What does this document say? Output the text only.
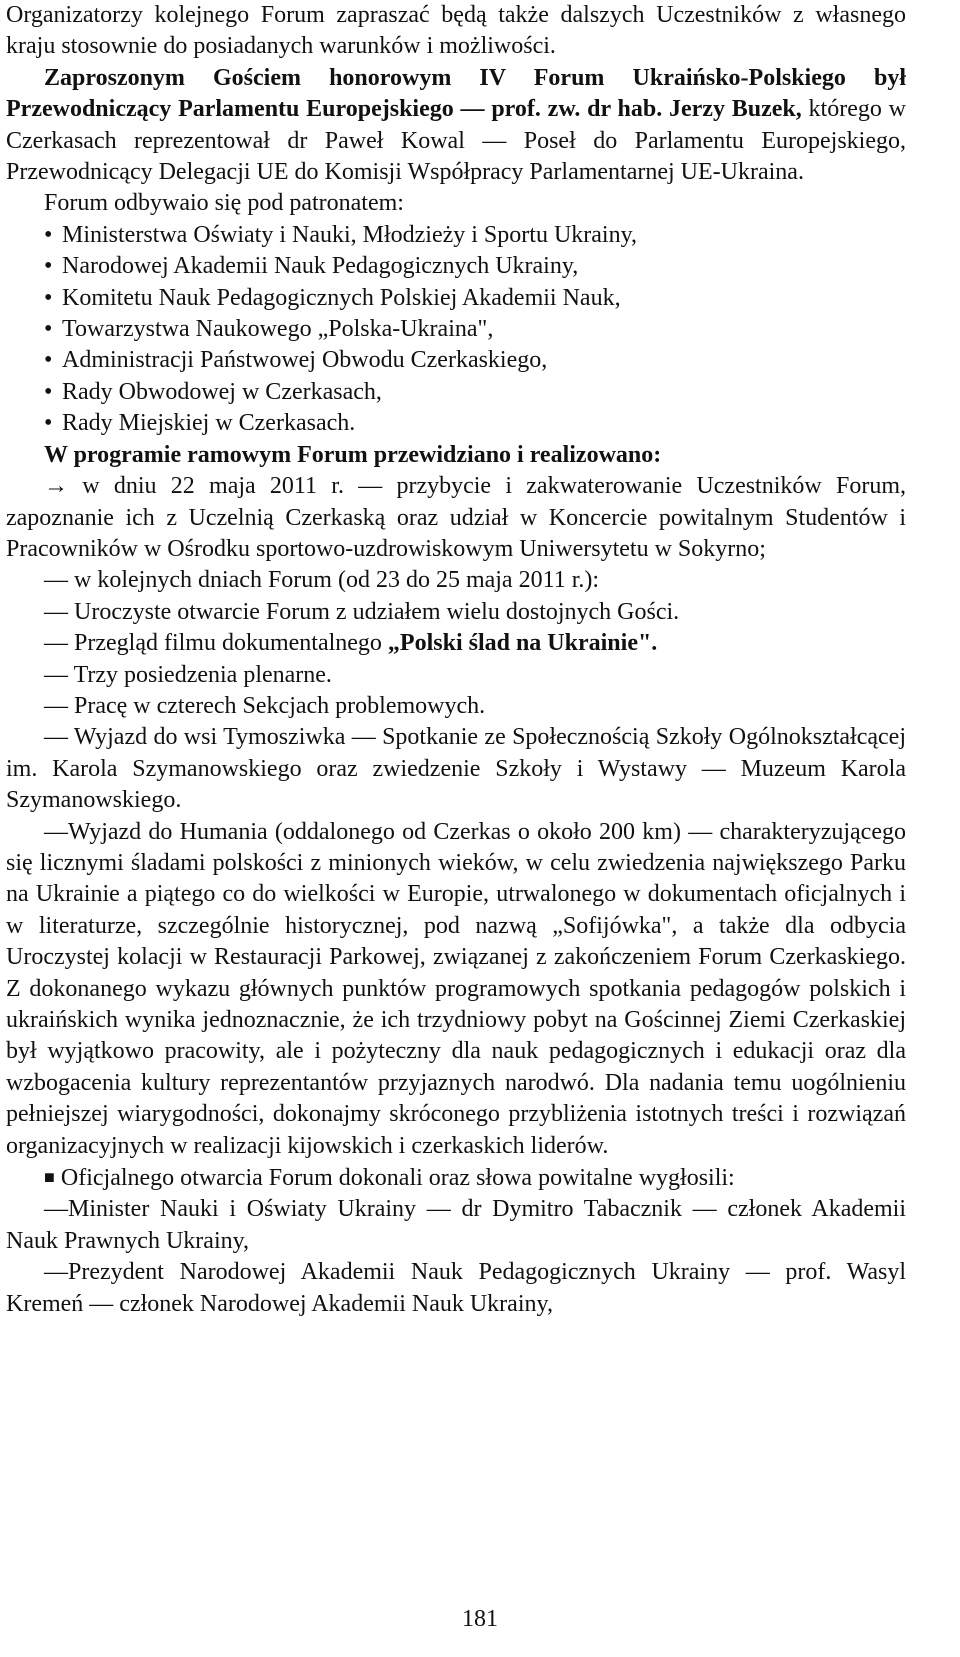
Organizatorzy kolejnego Forum zapraszać będą także dalszych Uczestników z własnego kraju stosownie do posiadanych warunków i możliwości.

Zaproszonym Gościem honorowym IV Forum Ukraińsko-Polskiego był Przewodniczący Parlamentu Europejskiego — prof. zw. dr hab. Jerzy Buzek, którego w Czerkasach reprezentował dr Paweł Kowal — Poseł do Parlamentu Europejskiego, Przewodnicący Delegacji UE do Komisji Współpracy Parlamentarnej UE-Ukraina.

Forum odbywaio się pod patronatem:

• Ministerstwa Oświaty i Nauki, Młodzieży i Sportu Ukrainy,
• Narodowej Akademii Nauk Pedagogicznych Ukrainy,
• Komitetu Nauk Pedagogicznych Polskiej Akademii Nauk,
• Towarzystwa Naukowego „Polska-Ukraina",
• Administracji Państwowej Obwodu Czerkaskiego,
• Rady Obwodowej w Czerkasach,
• Rady Miejskiej w Czerkasach.

W programie ramowym Forum przewidziano i realizowano:

→ w dniu 22 maja 2011 r. — przybycie i zakwaterowanie Uczestników Forum, zapoznanie ich z Uczelnią Czerkaską oraz udział w Koncercie powitalnym Studentów i Pracowników w Ośrodku sportowo-uzdrowiskowym Uniwersytetu w Sokyrno;

— w kolejnych dniach Forum (od 23 do 25 maja 2011 r.):

— Uroczyste otwarcie Forum z udziałem wielu dostojnych Gości.

— Przegląd filmu dokumentalnego „Polski ślad na Ukrainie".

— Trzy posiedzenia plenarne.

— Pracę w czterech Sekcjach problemowych.

— Wyjazd do wsi Tymosziwka — Spotkanie ze Społecznością Szkoły Ogólnokształcącej im. Karola Szymanowskiego oraz zwiedzenie Szkoły i Wystawy — Muzeum Karola Szymanowskiego.

—Wyjazd do Humania (oddalonego od Czerkas o około 200 km) — charakteryzującego się licznymi śladami polskości z minionych wieków, w celu zwiedzenia największego Parku na Ukrainie a piątego co do wielkości w Europie, utrwalonego w dokumentach oficjalnych i w literaturze, szczególnie historycznej, pod nazwą „Sofijówka", a także dla odbycia Uroczystej kolacji w Restauracji Parkowej, związanej z zakończeniem Forum Czerkaskiego. Z dokonanego wykazu głównych punktów programowych spotkania pedagogów polskich i ukraińskich wynika jednoznacznie, że ich trzydniowy pobyt na Gościnnej Ziemi Czerkaskiej był wyjątkowo pracowity, ale i pożyteczny dla nauk pedagogicznych i edukacji oraz dla wzbogacenia kultury reprezentantów przyjaznych narodwó. Dla nadania temu uogólnieniu pełniejszej wiarygodności, dokonajmy skróconego przybliżenia istotnych treści i rozwiązań organizacyjnych w realizacji kijowskich i czerkaskich liderów.

■ Oficjalnego otwarcia Forum dokonali oraz słowa powitalne wygłosili:

—Minister Nauki i Oświaty Ukrainy — dr Dymitro Tabacznik — członek Akademii Nauk Prawnych Ukrainy,

—Prezydent Narodowej Akademii Nauk Pedagogicznych Ukrainy — prof. Wasyl Kremeń — członek Narodowej Akademii Nauk Ukrainy,

181
